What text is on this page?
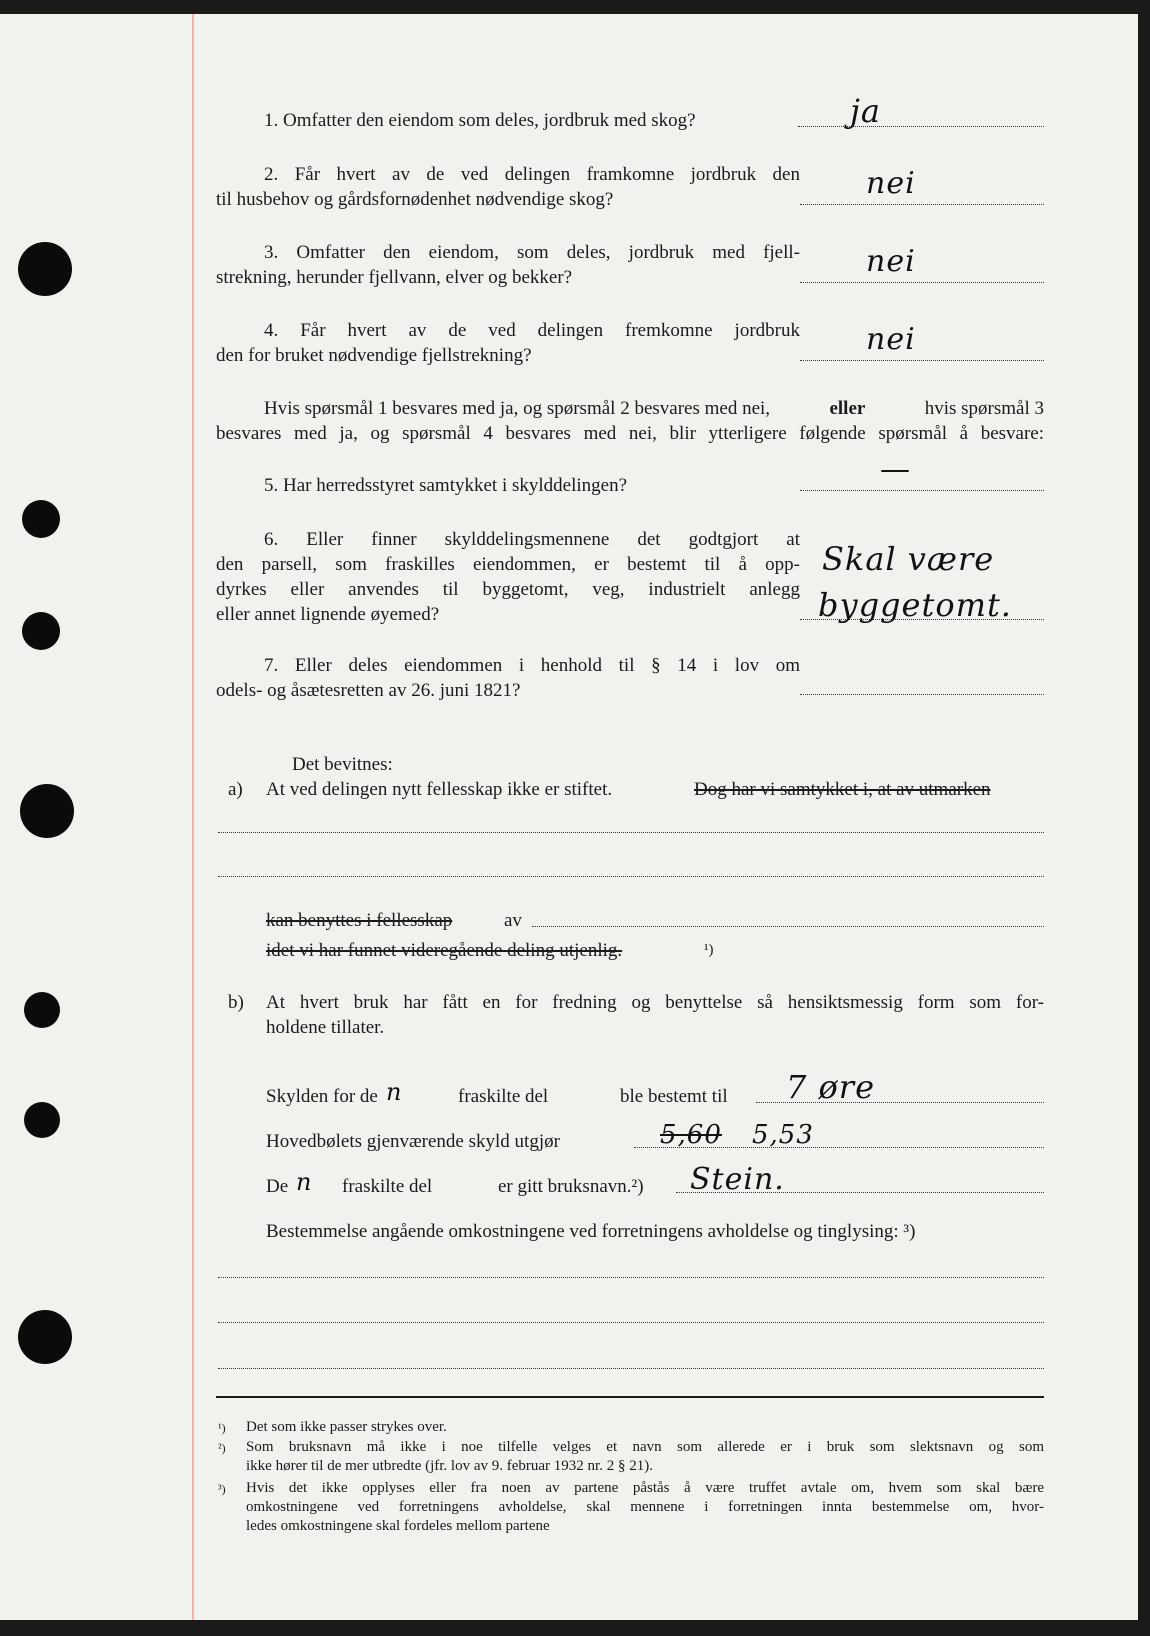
1. Omfatter den eiendom som deles, jordbruk med skog?	ja
2. Får hvert av de ved delingen framkomne jordbruk den
til husbehov og gårdsfornødenhet nødvendige skog?	nei
3. Omfatter den eiendom, som deles, jordbruk med fjell-
strekning, herunder fjellvann, elver og bekker?	nei
4. Får hvert av de ved delingen fremkomne jordbruk
den for bruket nødvendige fjellstrekning?	nei
Hvis spørsmål 1 besvares med ja, og spørsmål 2 besvares med nei,	eller	hvis spørsmål 3
besvares med ja, og spørsmål 4 besvares med nei, blir ytterligere følgende spørsmål å besvare:
5. Har herredsstyret samtykket i skylddelingen?	—
6. Eller finner skylddelingsmennene det godtgjort at
den parsell, som fraskilles eiendommen, er bestemt til å opp-
dyrkes eller anvendes til byggetomt, veg, industrielt anlegg
eller annet lignende øyemed?
Skal være
byggetomt.
7. Eller deles eiendommen i henhold til § 14 i lov om
odels- og åsætesretten av 26. juni 1821?
Det bevitnes:
a) At ved delingen nytt fellesskap ikke er stiftet.	Dog har vi samtykket i, at av utmarken
kan benyttes i fellesskap	av
idet vi har funnet videregående deling utjenlig.	¹)
b) At hvert bruk har fått en for fredning og benyttelse så hensiktsmessig form som for-
holdene tillater.
Skylden for de n	fraskilte del	ble bestemt til 7 øre
Hovedbølets gjenværende skyld utgjør	5,60 5,53
De n fraskilte del	er gitt bruksnavn.²) Stein.
Bestemmelse angående omkostningene ved forretningens avholdelse og tinglysing: ³)
¹) Det som ikke passer strykes over.
²) Som bruksnavn må ikke i noe tilfelle velges et navn som allerede er i bruk som slektsnavn og som
ikke hører til de mer utbredte (jfr. lov av 9. februar 1932 nr. 2 § 21).
³) Hvis det ikke opplyses eller fra noen av partene påstås å være truffet avtale om, hvem som skal bære
omkostningene ved forretningens avholdelse, skal mennene i forretningen innta bestemmelse om, hvor-
ledes omkostningene skal fordeles mellom partene
